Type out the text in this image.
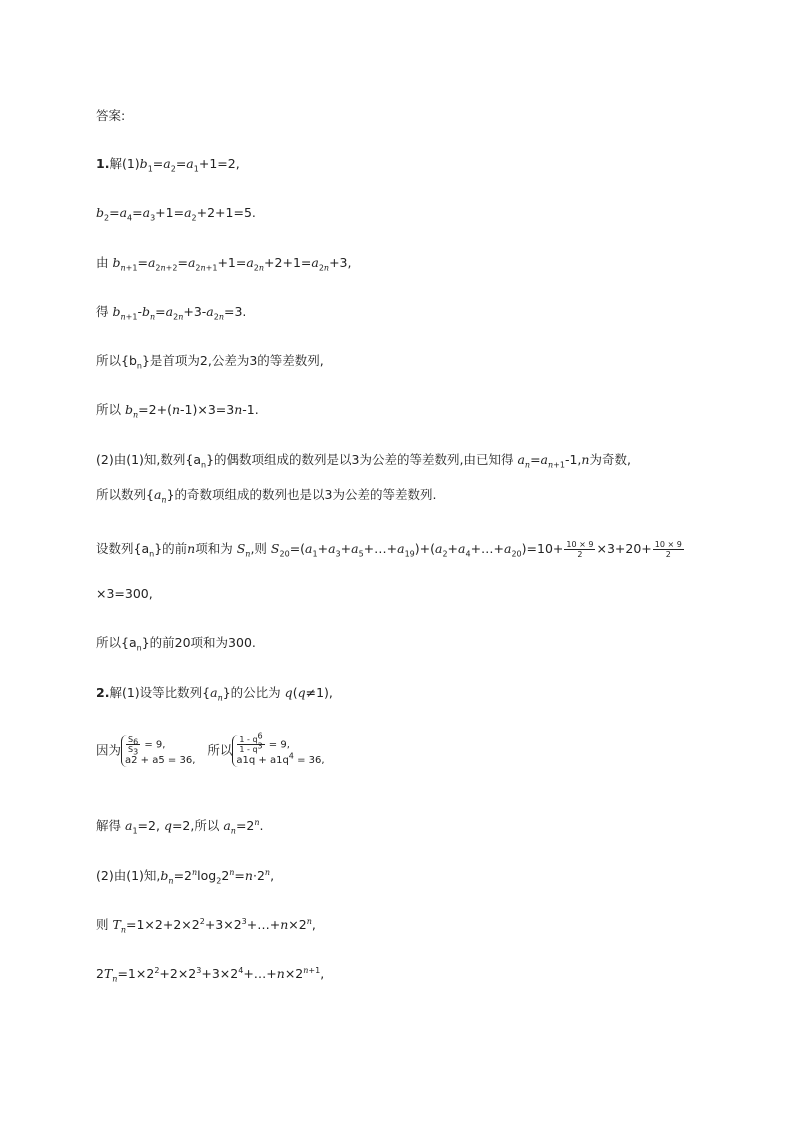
答案:
1.解$(1)b_1=a_2=a_1+1=2$,
$b_2=a_4=a_3+1=a_2+2+1=5$.
由 $b_{n+1}=a_{2n+2}=a_{2n+1}+1=a_{2n}+2+1=a_{2n}+3$,
得 $b_{n+1}-b_n=a_{2n}+3-a_{2n}=3$.
所以$\{b_n\}$是首项为2,公差为3的等差数列,
所以 $b_n=2+(n-1)\times 3=3n-1$.
(2)由(1)知,数列$\{a_n\}$的偶数项组成的数列是以3为公差的等差数列,由已知得 $a_n=a_{n+1}-1,n$为奇数,
所以数列$\{a_n\}$的奇数项组成的数列也是以3为公差的等差数列.
设数列$\{a_n\}$的前n项和为 $S_n$,则 $S_{20}=(a_1+a_3+a_5+\dots+a_{19})+(a_2+a_4+\dots+a_{20})=10+ \frac{10 \times 9}{2} \times 3+20+ \frac{10 \times 9}{2}$
×3=300,
所以$\{a_n\}$的前20项和为300.
2.解(1)设等比数列$\{a_n\}$的公比为 q(q≠1),
因为 $\frac{S_6}{S_3} = 9$,
a2 + a5 = 36,
所以 $\frac{1 - q^6}{1 - q^3} = 9$,
$a1q + a1q^4 = 36$,
解得 $a_1=2$, q=2,所以 $a_n=2^n$.
(2)由(1)知$,b_n=2^n\log_22^n=n\cdot 2^n$,
则 $T_n=1\times 2+2\times 2^2+3\times 2^3+\dots+n\times 2^n$,
$2T_n=1\times 2^2+2\times 2^3+3\times 2^4+\dots+n\times 2^{n+1}$,
